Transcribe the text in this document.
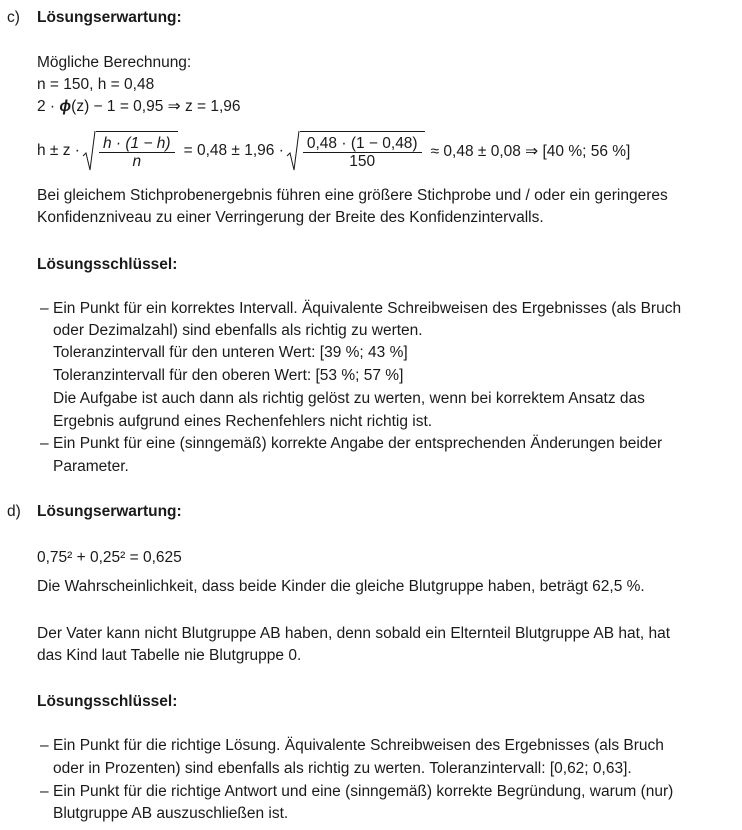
c) Lösungserwartung:
Mögliche Berechnung:
n = 150, h = 0,48
2 · ϕ(z) − 1 = 0,95 ⇒ z = 1,96
$h \pm z \cdot \frac{h \cdot (1 - h)}{n} = 0,48 \pm 1,96 \cdot \frac{0,48 \cdot (1 - 0,48)}{150} \approx 0,48 \pm 0,08$ ⇒ [40 %; 56 %]
Bei gleichem Stichprobenergebnis führen eine größere Stichprobe und / oder ein geringeres
Konfidenzniveau zu einer Verringerung der Breite des Konfidenzintervalls.
Lösungsschlüssel:
– Ein Punkt für ein korrektes Intervall. Äquivalente Schreibweisen des Ergebnisses (als Bruch
oder Dezimalzahl) sind ebenfalls als richtig zu werten.
Toleranzintervall für den unteren Wert: [39 %; 43 %]
Toleranzintervall für den oberen Wert: [53 %; 57 %]
Die Aufgabe ist auch dann als richtig gelöst zu werten, wenn bei korrektem Ansatz das
Ergebnis aufgrund eines Rechenfehlers nicht richtig ist.
– Ein Punkt für eine (sinngemäß) korrekte Angabe der entsprechenden Änderungen beider
Parameter.
d) Lösungserwartung:
0,75² + 0,25² = 0,625
Die Wahrscheinlichkeit, dass beide Kinder die gleiche Blutgruppe haben, beträgt 62,5 %.
Der Vater kann nicht Blutgruppe AB haben, denn sobald ein Elternteil Blutgruppe AB hat, hat
das Kind laut Tabelle nie Blutgruppe 0.
Lösungsschlüssel:
– Ein Punkt für die richtige Lösung. Äquivalente Schreibweisen des Ergebnisses (als Bruch
oder in Prozenten) sind ebenfalls als richtig zu werten. Toleranzintervall: [0,62; 0,63].
– Ein Punkt für die richtige Antwort und eine (sinngemäß) korrekte Begründung, warum (nur)
Blutgruppe AB auszuschließen ist.
